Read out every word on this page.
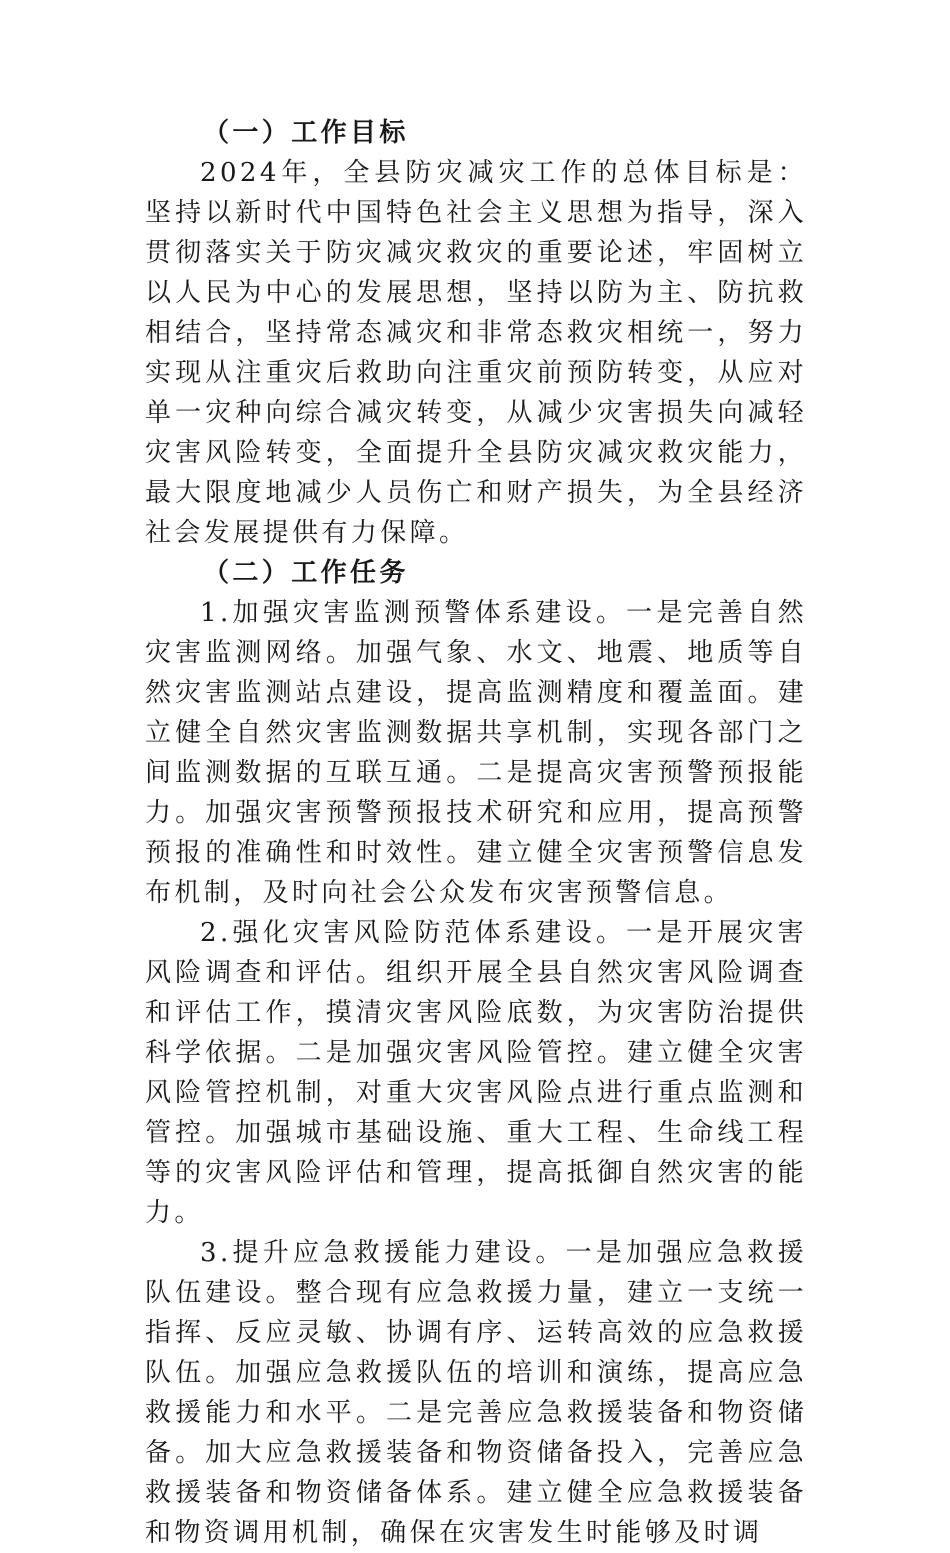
（一）工作目标

2024年，全县防灾减灾工作的总体目标是：坚持以新时代中国特色社会主义思想为指导，深入贯彻落实关于防灾减灾救灾的重要论述，牢固树立以人民为中心的发展思想，坚持以防为主、防抗救相结合，坚持常态减灾和非常态救灾相统一，努力实现从注重灾后救助向注重灾前预防转变，从应对单一灾种向综合减灾转变，从减少灾害损失向减轻灾害风险转变，全面提升全县防灾减灾救灾能力，最大限度地减少人员伤亡和财产损失，为全县经济社会发展提供有力保障。

（二）工作任务

1.加强灾害监测预警体系建设。一是完善自然灾害监测网络。加强气象、水文、地震、地质等自然灾害监测站点建设，提高监测精度和覆盖面。建立健全自然灾害监测数据共享机制，实现各部门之间监测数据的互联互通。二是提高灾害预警预报能力。加强灾害预警预报技术研究和应用，提高预警预报的准确性和时效性。建立健全灾害预警信息发布机制，及时向社会公众发布灾害预警信息。

2.强化灾害风险防范体系建设。一是开展灾害风险调查和评估。组织开展全县自然灾害风险调查和评估工作，摸清灾害风险底数，为灾害防治提供科学依据。二是加强灾害风险管控。建立健全灾害风险管控机制，对重大灾害风险点进行重点监测和管控。加强城市基础设施、重大工程、生命线工程等的灾害风险评估和管理，提高抵御自然灾害的能力。

3.提升应急救援能力建设。一是加强应急救援队伍建设。整合现有应急救援力量，建立一支统一指挥、反应灵敏、协调有序、运转高效的应急救援队伍。加强应急救援队伍的培训和演练，提高应急救援能力和水平。二是完善应急救援装备和物资储备。加大应急救援装备和物资储备投入，完善应急救援装备和物资储备体系。建立健全应急救援装备和物资调用机制，确保在灾害发生时能够及时调
